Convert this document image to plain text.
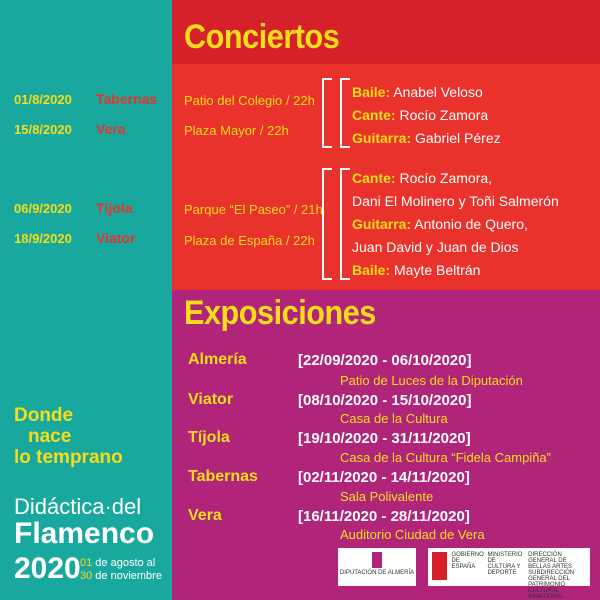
Conciertos
01/8/2020 Tabernas Patio del Colegio / 22h
15/8/2020 Vera	Plaza Mayor / 22h
06/9/2020 Tíjola	Parque “El Paseo” / 21h
18/9/2020 Viator	Plaza de España / 22h
Baile: Anabel Veloso
Cante: Rocío Zamora
Guitarra: Gabriel Pérez
Cante: Rocío Zamora,
Dani El Molinero y Toñi Salmerón
Guitarra: Antonio de Quero,
Juan David y Juan de Dios
Baile: Mayte Beltrán
Exposiciones
Almería	[22/09/2020 - 06/10/2020]
Patio de Luces de la Diputación
Viator	[08/10/2020 - 15/10/2020]
Casa de la Cultura
Tíjola	[19/10/2020 - 31/11/2020]
Casa de la Cultura “Fidela Campiña”
Tabernas	[02/11/2020 - 14/11/2020]
Sala Polivalente
Vera	[16/11/2020 - 28/11/2020]
Auditorio Ciudad de Vera
Donde
nace
lo temprano
Didáctica·del
Flamenco
2020 01 de agosto al
30 de noviembre	DIPUTACIÓN DE ALMERÍA
GOBIERNO DE ESPAÑA
MINISTERIO DE CULTURA Y DEPORTE
DIRECCIÓN GENERAL DE BELLAS ARTES SUBDIRECCIÓN GENERAL DEL PATRIMONIO CULTURAL INMATERIAL
